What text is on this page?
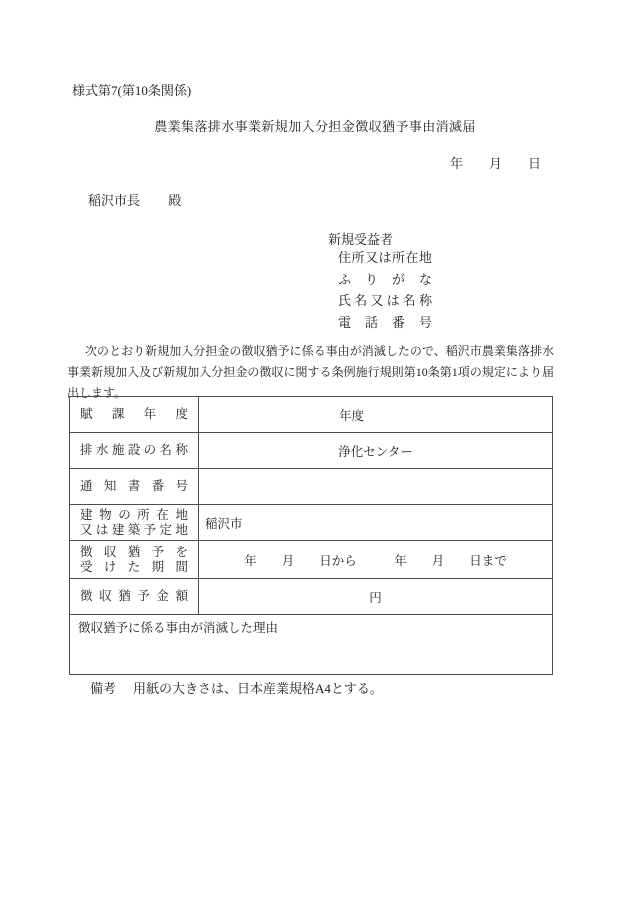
様式第7(第10条関係)
農業集落排水事業新規加入分担金徴収猶予事由消滅届
年　　月　　日
稲沢市長 殿
新規受益者
住 所 又 は 所 在 地
ふ り が な
氏 名 又 は 名 称
電 話 番 号
次のとおり新規加入分担金の徴収猶予に係る事由が消滅したので、稲沢市農業集落排水事業新規加入及び新規加入分担金の徴収に関する条例施行規則第10条第1項の規定により届出します。
賦 課 年 度	年度

排 水 施 設 の 名 称	浄化センター

通 知 書 番 号	

建 物 の 所 在 地
又 は 建 築 予 定 地	稲沢市

徴 収 猶 予 を
受 け た 期 間	年　　月　　日から　　　年　　月　　日まで

徴 収 猶 予 金 額	円
徴収猶予に係る事由が消滅した理由	
備考 用紙の大きさは、日本産業規格A4とする。
